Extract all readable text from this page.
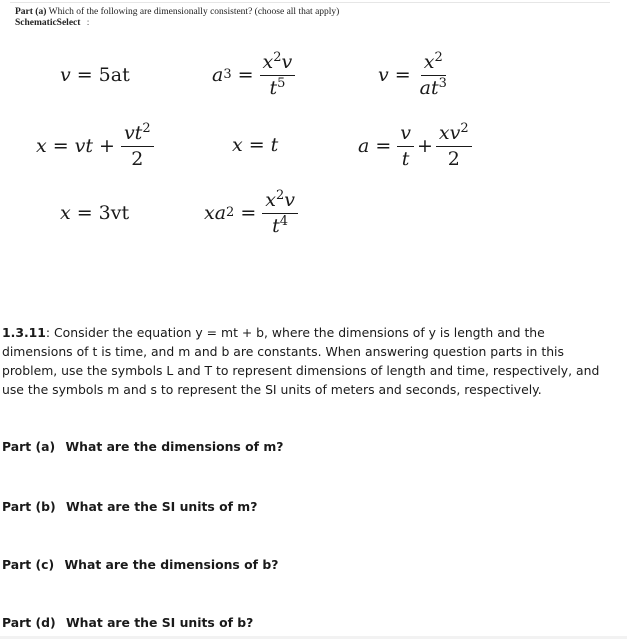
Part (a) Which of the following are dimensionally consistent? (choose all that apply)
SchematicSelect :
v = 5at	a $3 = \frac{x^2v}{t^5}$	$v = \frac{x^2}{at^3}$
x = vt + $\frac{vt^2}{2}$	x = t	$a = \frac{v}{t} + \frac{xv^2}{2}$
x = 3vt	xa $2 = \frac{x^2v}{t^4}$
1.3.11: Consider the equation y = mt + b, where the dimensions of y is length and the dimensions of t is time, and m and b are constants. When answering question parts in this problem, use the symbols L and T to represent dimensions of length and time, respectively, and use the symbols m and s to represent the SI units of meters and seconds, respectively.
Part (a) What are the dimensions of m?
Part (b) What are the SI units of m?
Part (c) What are the dimensions of b?
Part (d) What are the SI units of b?
